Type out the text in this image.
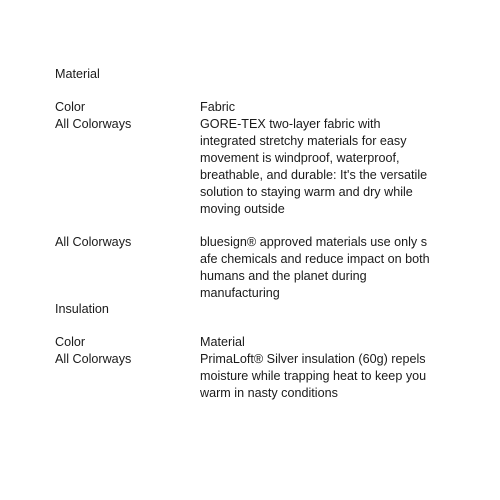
Material
Color	Fabric
All Colorways	GORE-TEX two-layer fabric with
integrated stretchy materials for easy
movement is windproof, waterproof,
breathable, and durable: It's the versatile
solution to staying warm and dry while
moving outside
All Colorways	bluesign® approved materials use only s
afe chemicals and reduce impact on both
humans and the planet during
manufacturing
Insulation
Color	Material
All Colorways	PrimaLoft® Silver insulation (60g) repels
moisture while trapping heat to keep you
warm in nasty conditions
